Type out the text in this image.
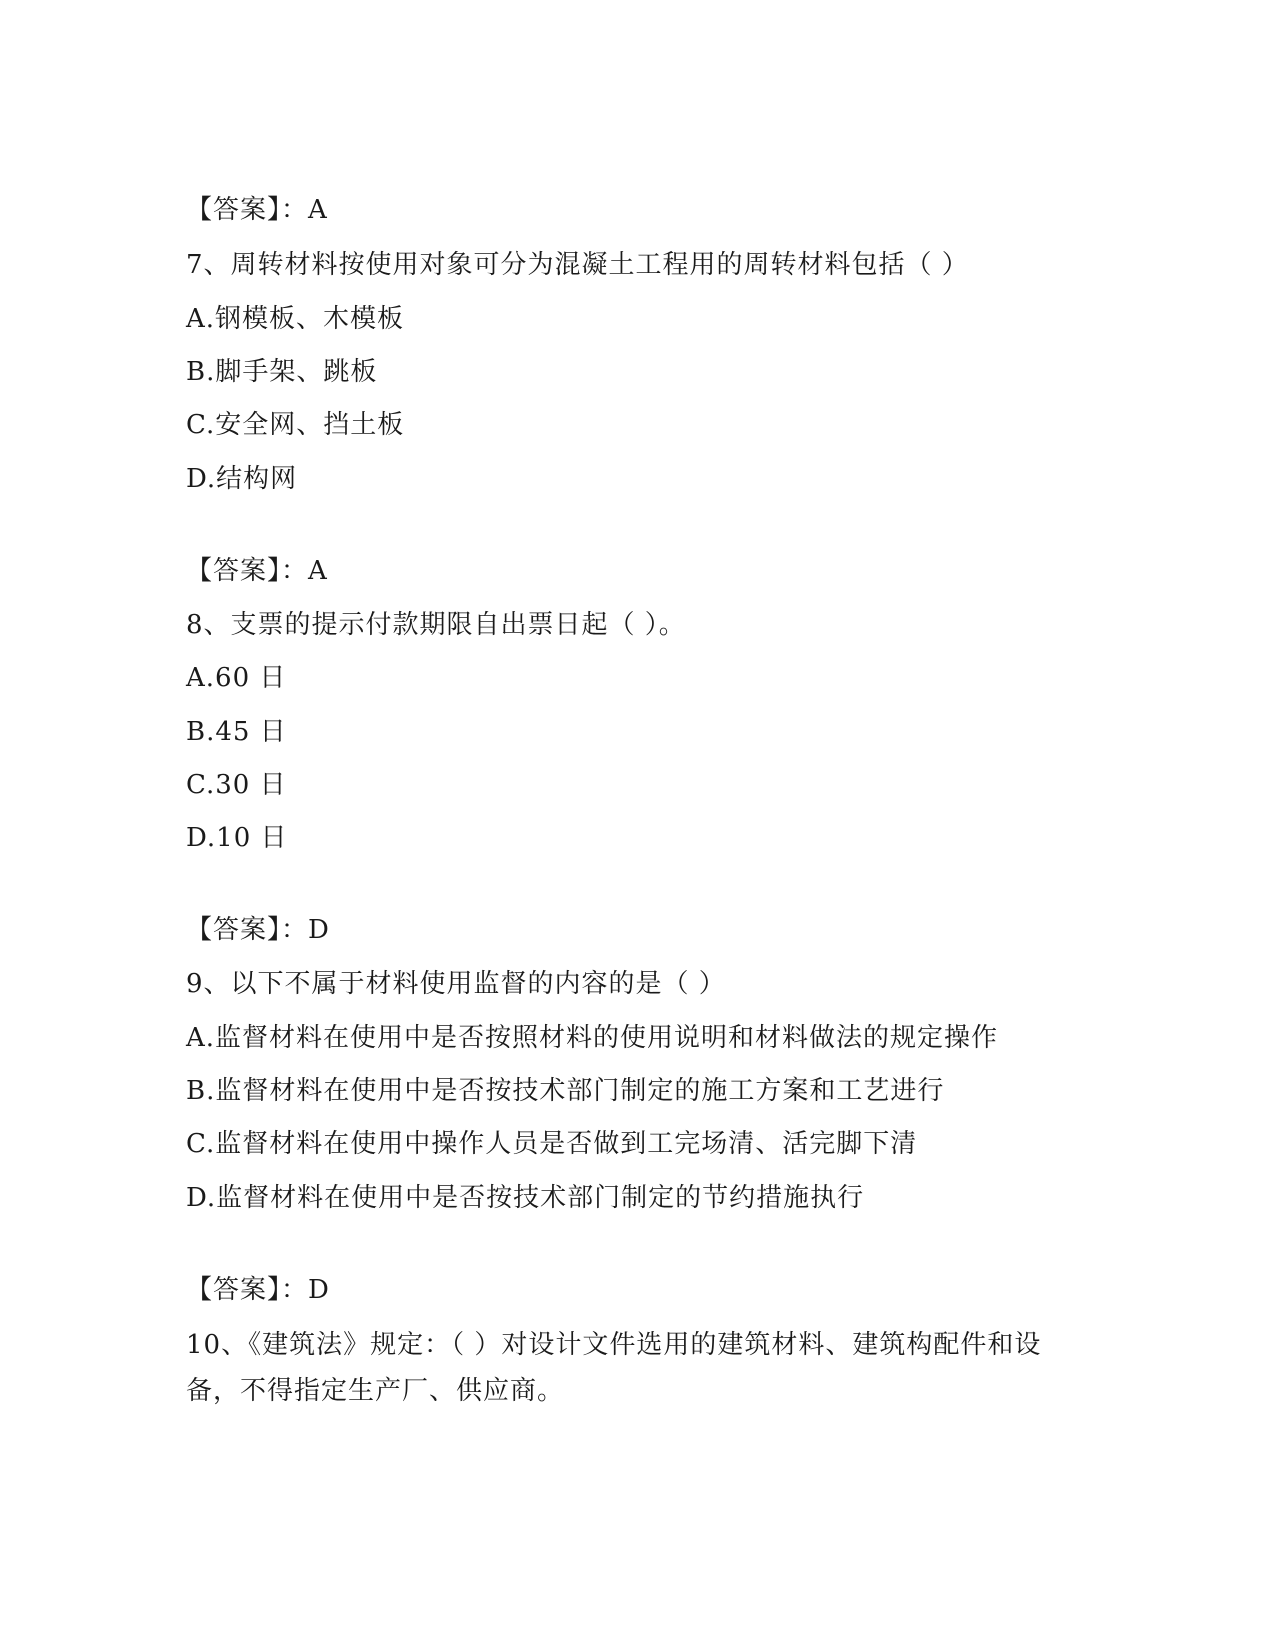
【答案】：A
7、周转材料按使用对象可分为混凝土工程用的周转材料包括（ ）
A.钢模板、木模板
B.脚手架、跳板
C.安全网、挡土板
D.结构网
【答案】：A
8、支票的提示付款期限自出票日起（ ）。
A.60 日
B.45 日
C.30 日
D.10 日
【答案】：D
9、以下不属于材料使用监督的内容的是（ ）
A.监督材料在使用中是否按照材料的使用说明和材料做法的规定操作
B.监督材料在使用中是否按技术部门制定的施工方案和工艺进行
C.监督材料在使用中操作人员是否做到工完场清、活完脚下清
D.监督材料在使用中是否按技术部门制定的节约措施执行
【答案】：D
10、《建筑法》规定：（ ）对设计文件选用的建筑材料、建筑构配件和设备，不得指定生产厂、供应商。
